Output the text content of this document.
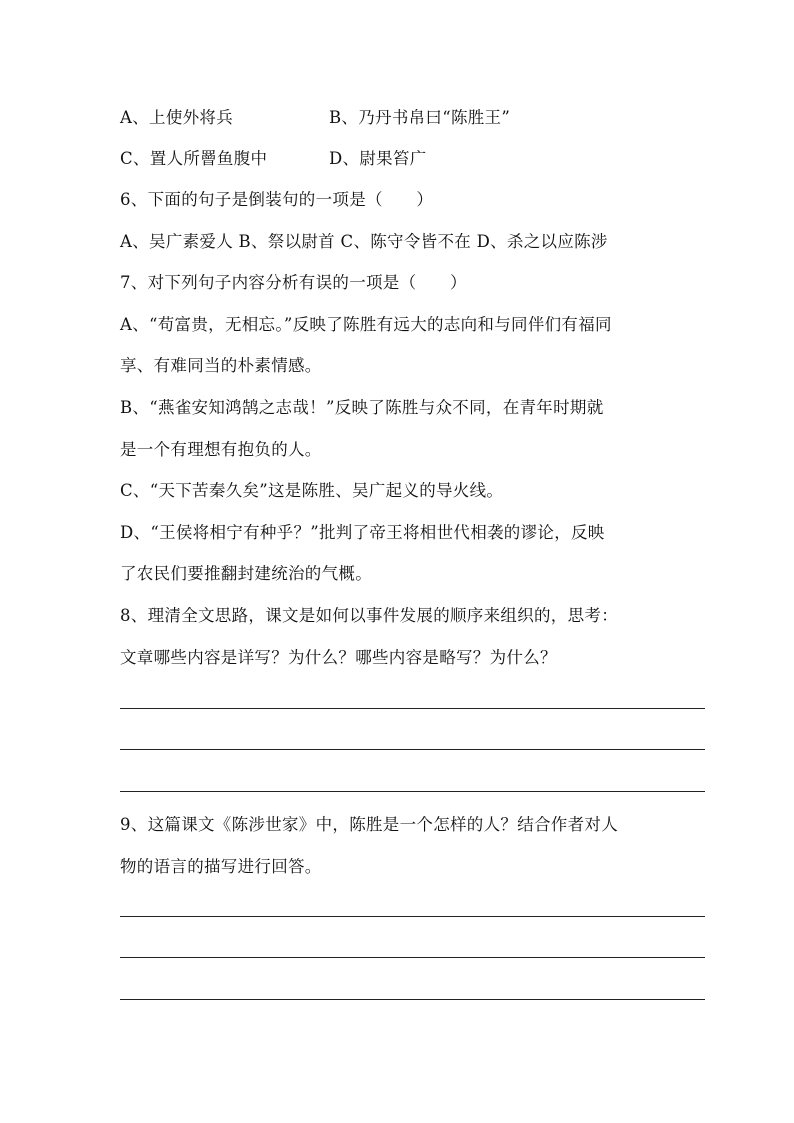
A、上使外将兵	B、乃丹书帛曰“陈胜王”
C、置人所罾鱼腹中	D、尉果笞广
6、下面的句子是倒装句的一项是（　　）
A、吴广素爱人 B、祭以尉首 C、陈守令皆不在 D、杀之以应陈涉
7、对下列句子内容分析有误的一项是（　　）
A、“苟富贵，无相忘。”反映了陈胜有远大的志向和与同伴们有福同
享、有难同当的朴素情感。
B、“燕雀安知鸿鹄之志哉！”反映了陈胜与众不同，在青年时期就
是一个有理想有抱负的人。
C、“天下苦秦久矣”这是陈胜、吴广起义的导火线。
D、“王侯将相宁有种乎？”批判了帝王将相世代相袭的谬论，反映
了农民们要推翻封建统治的气概。
8、理清全文思路，课文是如何以事件发展的顺序来组织的，思考：
文章哪些内容是详写？为什么？哪些内容是略写？为什么？
9、这篇课文《陈涉世家》中，陈胜是一个怎样的人？结合作者对人
物的语言的描写进行回答。
